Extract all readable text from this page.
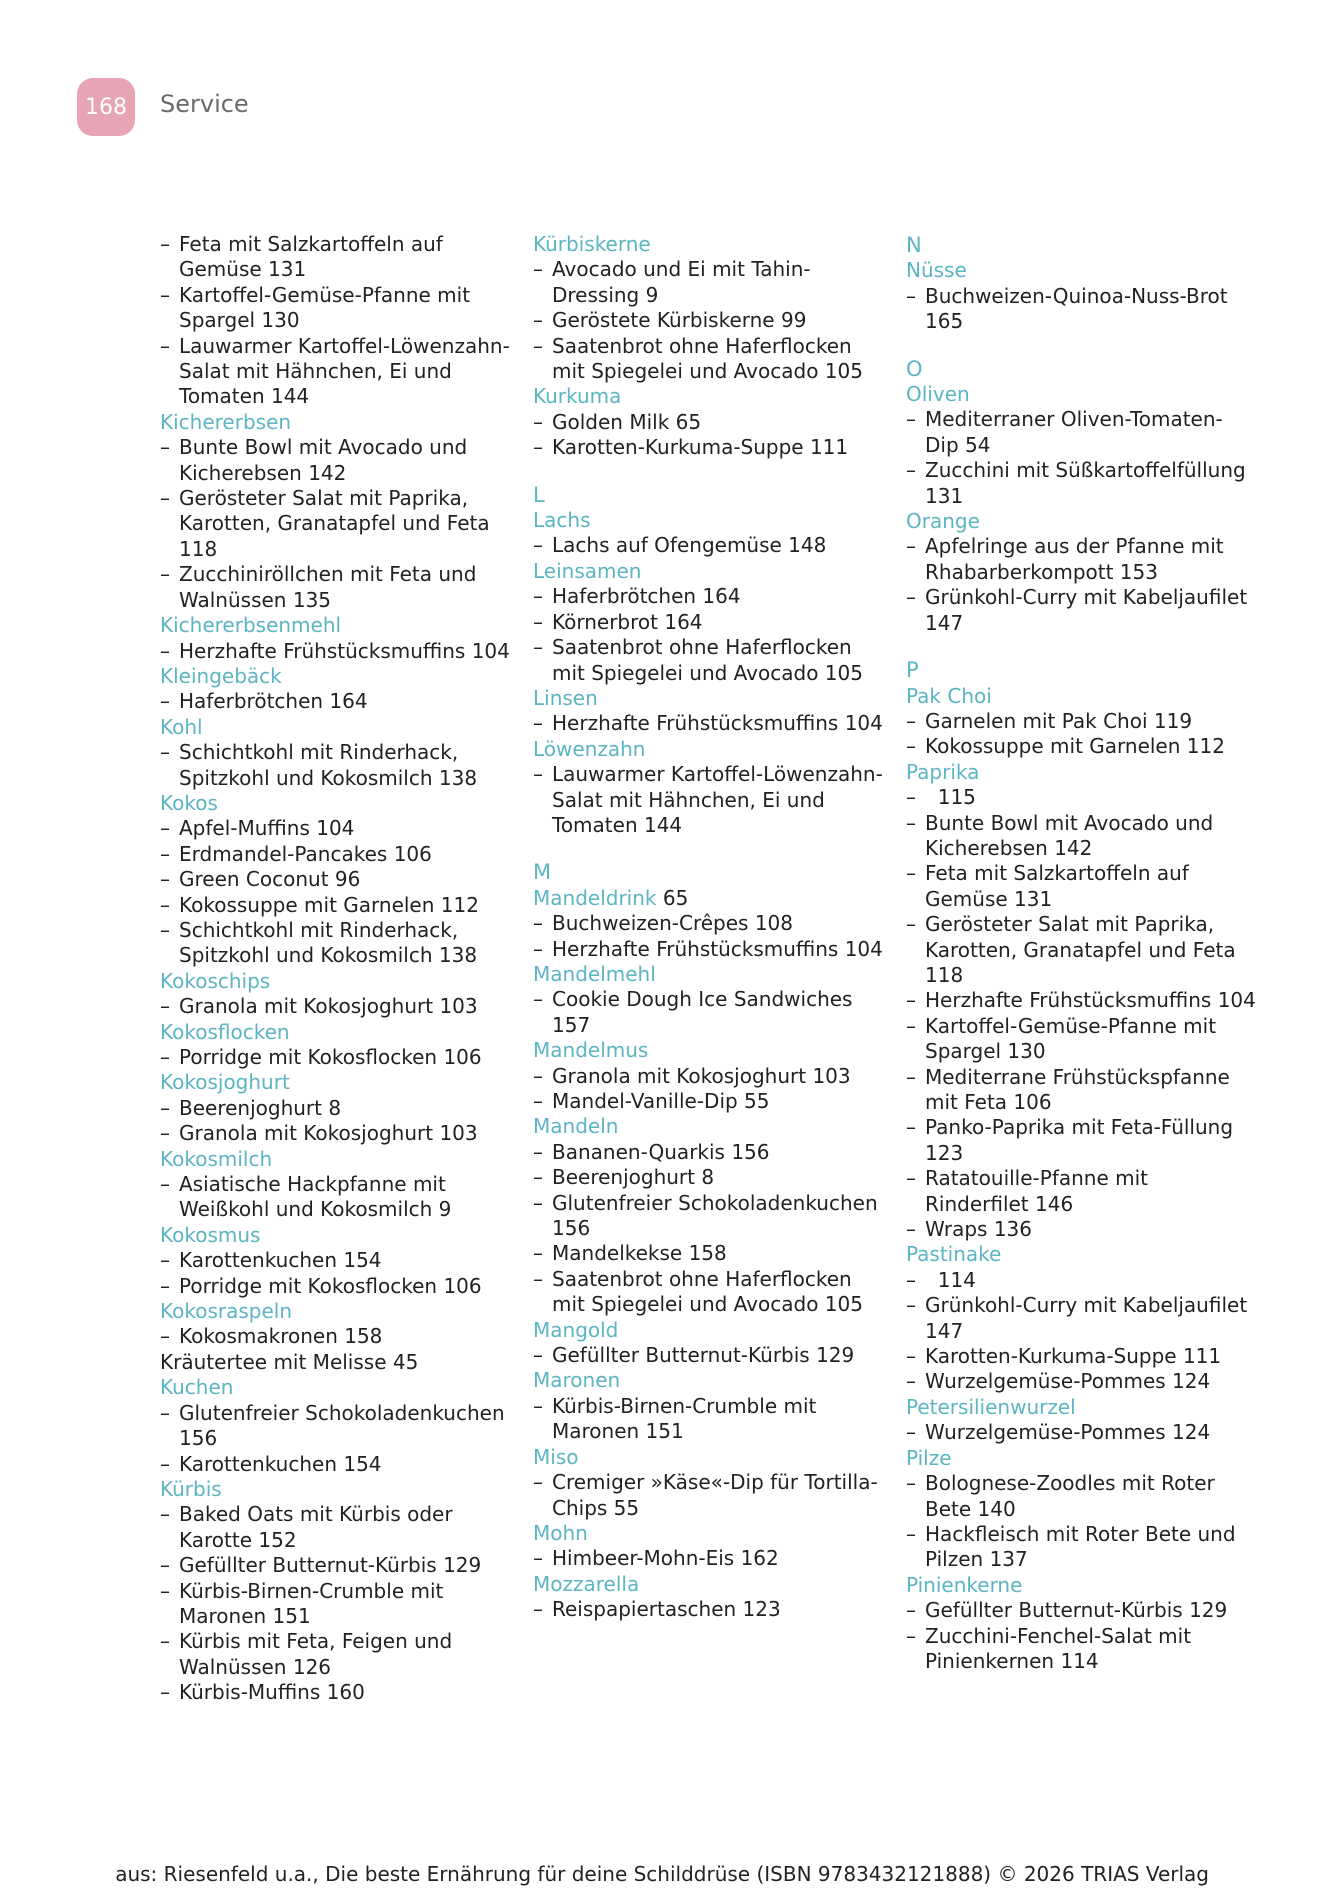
168	Service
– Feta mit Salzkartoffeln auf Gemüse 131
– Kartoffel-Gemüse-Pfanne mit Spargel 130
– Lauwarmer Kartoffel-Löwenzahn-Salat mit Hähnchen, Ei und Tomaten 144
Kichererbsen
– Bunte Bowl mit Avocado und Kicherebsen 142
– Gerösteter Salat mit Paprika, Karotten, Granatapfel und Feta 118
– Zucchiniröllchen mit Feta und Walnüssen 135
Kichererbsenmehl
– Herzhafte Frühstücksmuffins 104
Kleingebäck
– Haferbrötchen 164
Kohl
– Schichtkohl mit Rinderhack, Spitzkohl und Kokosmilch 138
Kokos
– Apfel-Muffins 104
– Erdmandel-Pancakes 106
– Green Coconut 96
– Kokossuppe mit Garnelen 112
– Schichtkohl mit Rinderhack, Spitzkohl und Kokosmilch 138
Kokoschips
– Granola mit Kokosjoghurt 103
Kokosflocken
– Porridge mit Kokosflocken 106
Kokosjoghurt
– Beerenjoghurt 8
– Granola mit Kokosjoghurt 103
Kokosmilch
– Asiatische Hackpfanne mit Weißkohl und Kokosmilch 9
Kokosmus
– Karottenkuchen 154
– Porridge mit Kokosflocken 106
Kokosraspeln
– Kokosmakronen 158
Kräutertee mit Melisse 45
Kuchen
– Glutenfreier Schokoladenkuchen 156
– Karottenkuchen 154
Kürbis
– Baked Oats mit Kürbis oder Karotte 152
– Gefüllter Butternut-Kürbis 129
– Kürbis-Birnen-Crumble mit Maronen 151
– Kürbis mit Feta, Feigen und Walnüssen 126
– Kürbis-Muffins 160
Kürbiskerne
– Avocado und Ei mit Tahin-Dressing 9
– Geröstete Kürbiskerne 99
– Saatenbrot ohne Haferflocken mit Spiegelei und Avocado 105
Kurkuma
– Golden Milk 65
– Karotten-Kurkuma-Suppe 111
L
Lachs
– Lachs auf Ofengemüse 148
Leinsamen
– Haferbrötchen 164
– Körnerbrot 164
– Saatenbrot ohne Haferflocken mit Spiegelei und Avocado 105
Linsen
– Herzhafte Frühstücksmuffins 104
Löwenzahn
– Lauwarmer Kartoffel-Löwenzahn-Salat mit Hähnchen, Ei und Tomaten 144
M
Mandeldrink 65
– Buchweizen-Crêpes 108
– Herzhafte Frühstücksmuffins 104
Mandelmehl
– Cookie Dough Ice Sandwiches 157
Mandelmus
– Granola mit Kokosjoghurt 103
– Mandel-Vanille-Dip 55
Mandeln
– Bananen-Quarkis 156
– Beerenjoghurt 8
– Glutenfreier Schokoladenkuchen 156
– Mandelkekse 158
– Saatenbrot ohne Haferflocken mit Spiegelei und Avocado 105
Mangold
– Gefüllter Butternut-Kürbis 129
Maronen
– Kürbis-Birnen-Crumble mit Maronen 151
Miso
– Cremiger »Käse«-Dip für Tortilla-Chips 55
Mohn
– Himbeer-Mohn-Eis 162
Mozzarella
– Reispapiertaschen 123
N
Nüsse
– Buchweizen-Quinoa-Nuss-Brot 165
O
Oliven
– Mediterraner Oliven-Tomaten-Dip 54
– Zucchini mit Süßkartoffelfüllung 131
Orange
– Apfelringe aus der Pfanne mit Rhabarberkompott 153
– Grünkohl-Curry mit Kabeljaufilet 147
P
Pak Choi
– Garnelen mit Pak Choi 119
– Kokossuppe mit Garnelen 112
Paprika
–   115
– Bunte Bowl mit Avocado und Kicherebsen 142
– Feta mit Salzkartoffeln auf Gemüse 131
– Gerösteter Salat mit Paprika, Karotten, Granatapfel und Feta 118
– Herzhafte Frühstücksmuffins 104
– Kartoffel-Gemüse-Pfanne mit Spargel 130
– Mediterrane Frühstückspfanne mit Feta 106
– Panko-Paprika mit Feta-Füllung 123
– Ratatouille-Pfanne mit Rinderfilet 146
– Wraps 136
Pastinake
–   114
– Grünkohl-Curry mit Kabeljaufilet 147
– Karotten-Kurkuma-Suppe 111
– Wurzelgemüse-Pommes 124
Petersilienwurzel
– Wurzelgemüse-Pommes 124
Pilze
– Bolognese-Zoodles mit Roter Bete 140
– Hackfleisch mit Roter Bete und Pilzen 137
Pinienkerne
– Gefüllter Butternut-Kürbis 129
– Zucchini-Fenchel-Salat mit Pinienkernen 114
aus: Riesenfeld u.a., Die beste Ernährung für deine Schilddrüse (ISBN 9783432121888) © 2026 TRIAS Verlag
